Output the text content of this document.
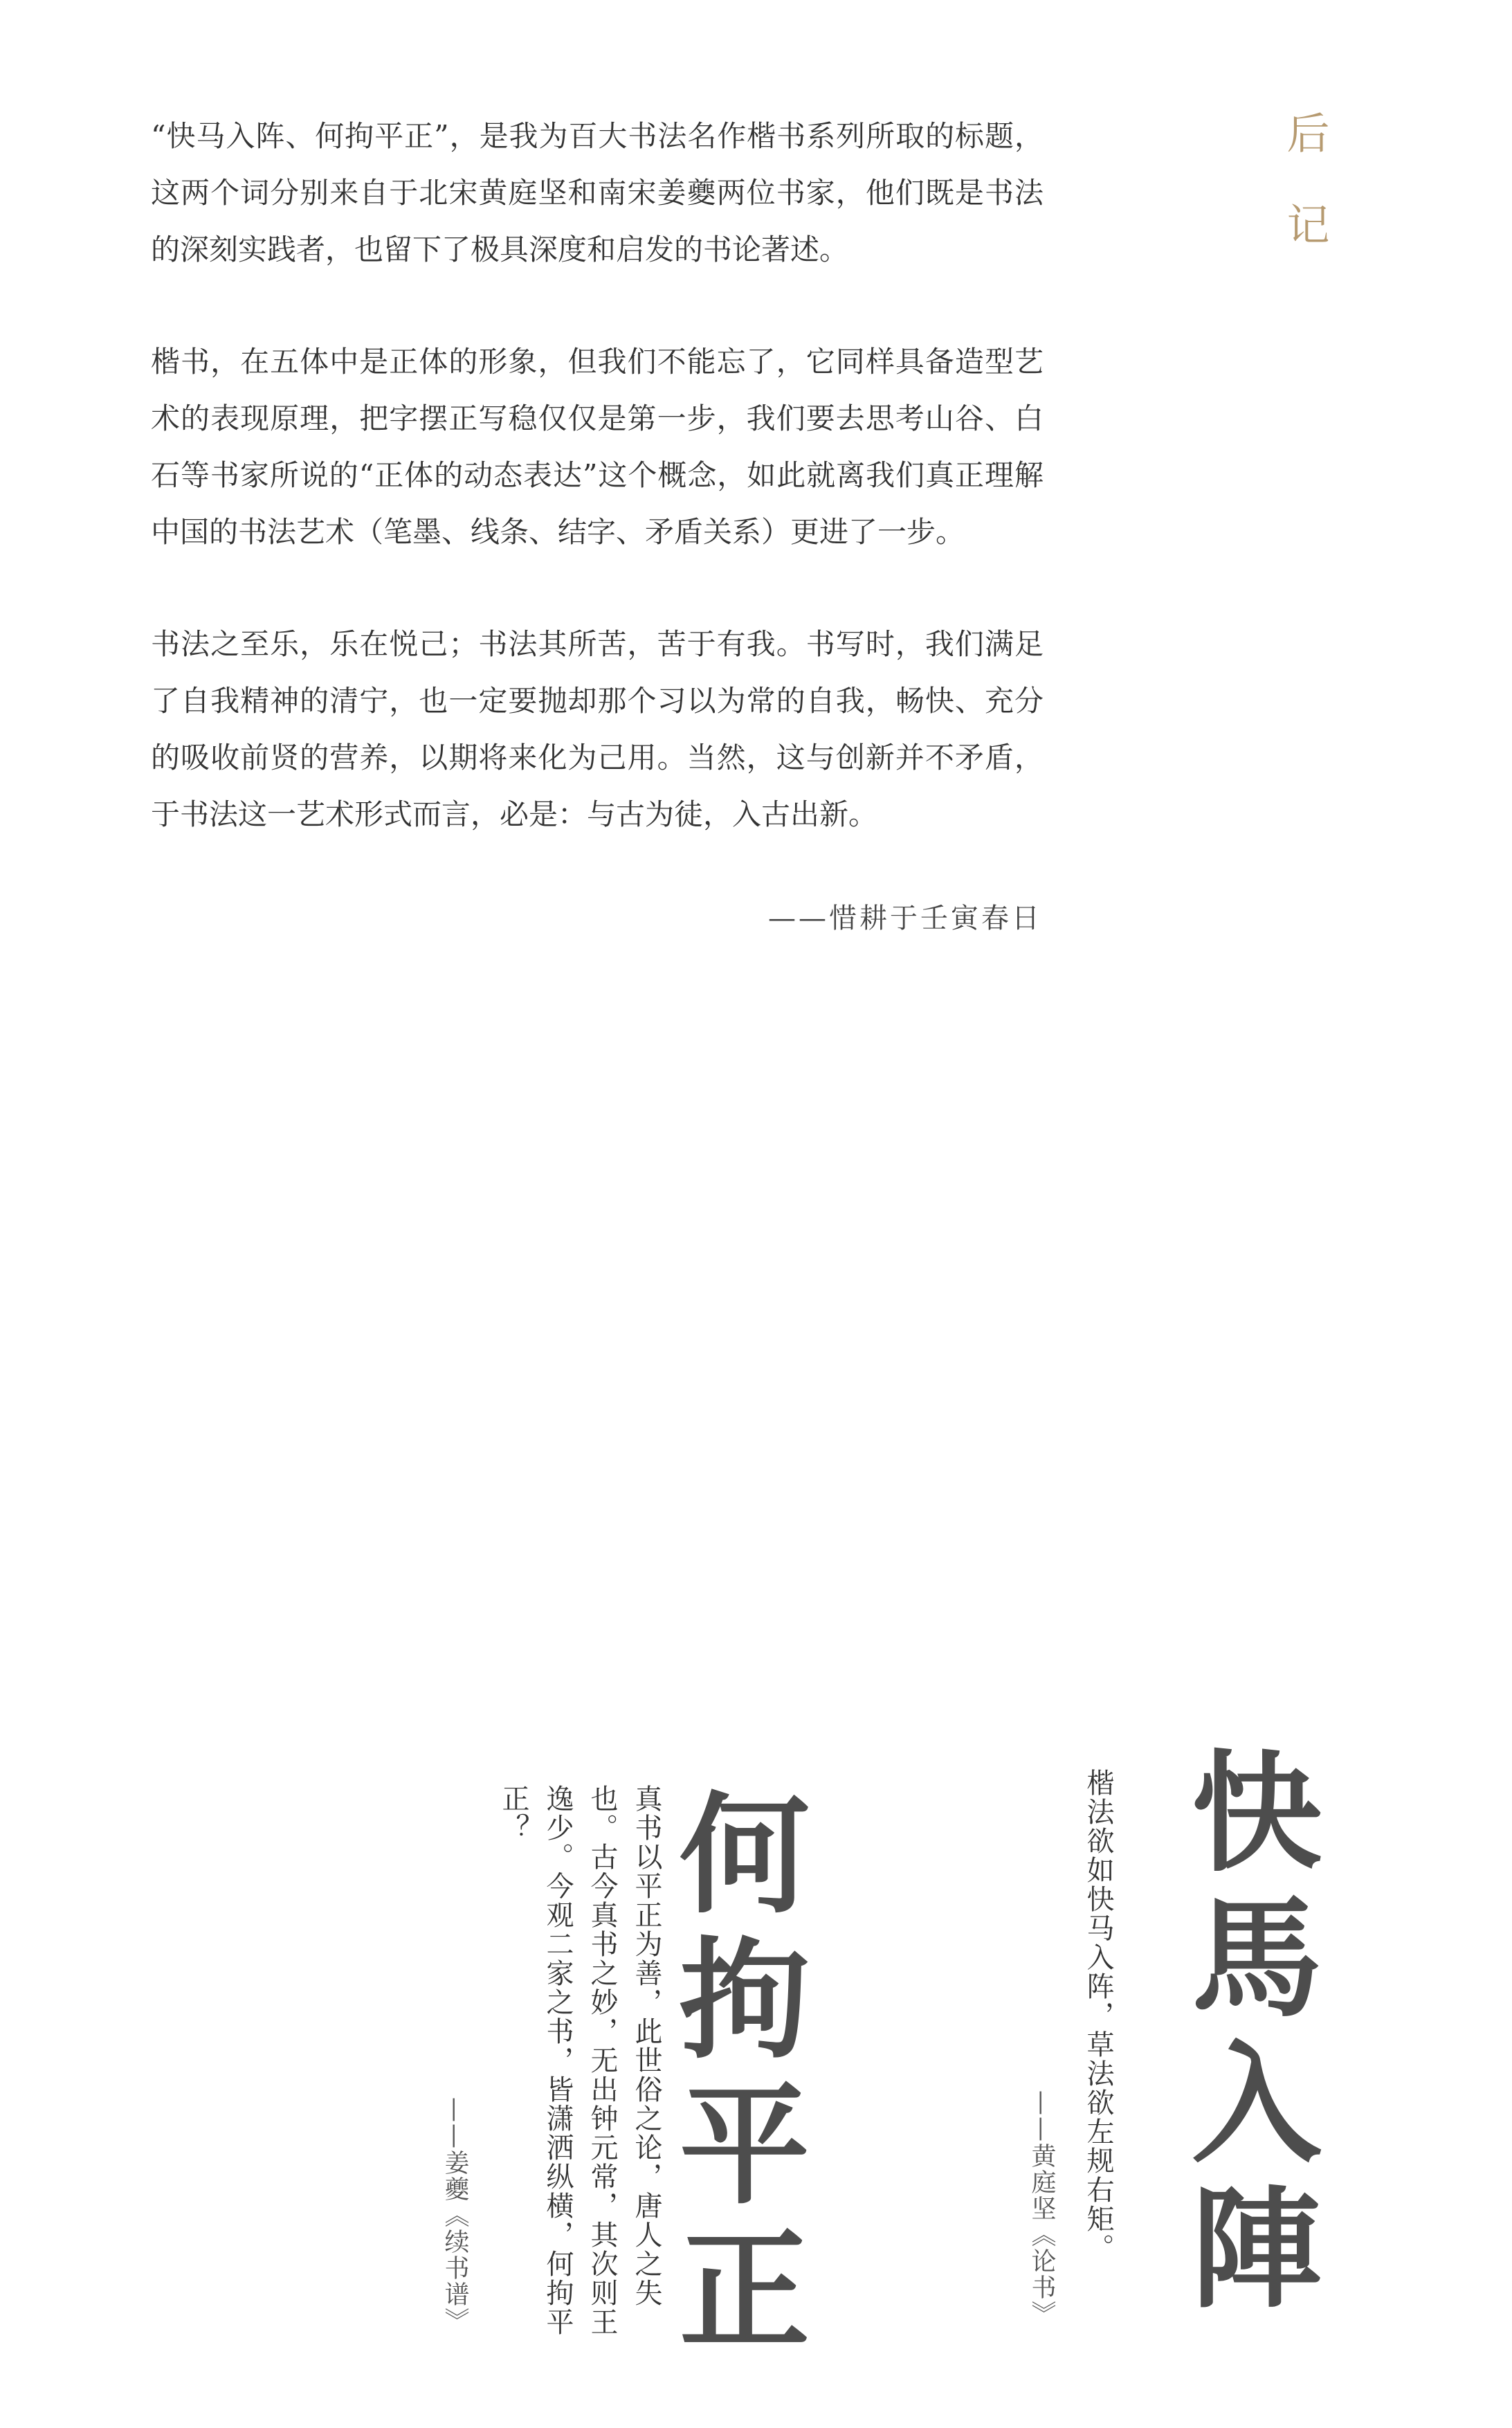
后记

“快马入阵、何拘平正”，是我为百大书法名作楷书系列所取的标题，这两个词分别来自于北宋黄庭坚和南宋姜夔两位书家，他们既是书法的深刻实践者，也留下了极具深度和启发的书论著述。

楷书，在五体中是正体的形象，但我们不能忘了，它同样具备造型艺术的表现原理，把字摆正写稳仅仅是第一步，我们要去思考山谷、白石等书家所说的“正体的动态表达”这个概念，如此就离我们真正理解中国的书法艺术（笔墨、线条、结字、矛盾关系）更进了一步。

书法之至乐，乐在悦己；书法其所苦，苦于有我。书写时，我们满足了自我精神的清宁，也一定要抛却那个习以为常的自我，畅快、充分的吸收前贤的营养，以期将来化为己用。当然，这与创新并不矛盾，于书法这一艺术形式而言，必是：与古为徒，入古出新。

——惜耕于壬寅春日
快馬入陣
楷法欲如快马入阵，草法欲左规右矩。
——黄庭坚《论书》
何拘平正
真书以平正为善，此世俗之论，唐人之失也。古今真书之妙，无出钟元常，其次则王逸少。今观二家之书，皆潇洒纵横，何拘平正？
——姜夔《续书谱》
